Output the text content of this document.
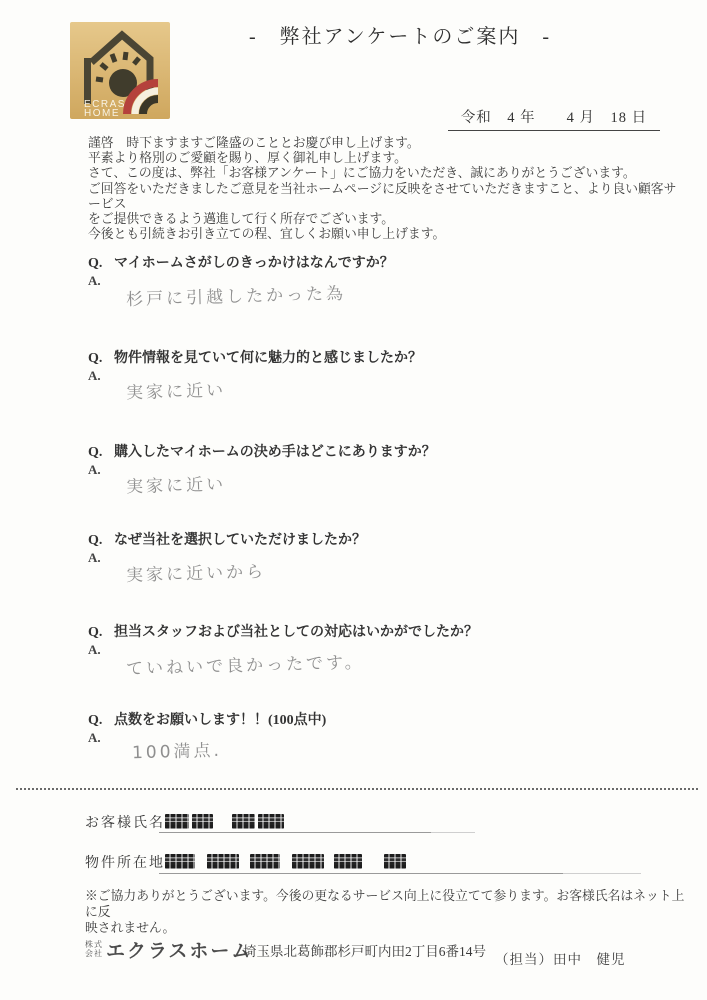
ECRAS
HOME
-　弊社アンケートのご案内　-
令和　4 年　　4 月　18 日
謹啓　時下ますますご隆盛のこととお慶び申し上げます。
平素より格別のご愛顧を賜り、厚く御礼申し上げます。
さて、この度は、弊社「お客様アンケート」にご協力をいただき、誠にありがとうございます。
ご回答をいただきましたご意見を当社ホームページに反映をさせていただきますこと、より良い顧客サービス
をご提供できるよう邁進して行く所存でございます。
今後とも引続きお引き立ての程、宜しくお願い申し上げます。
Q. マイホームさがしのきっかけはなんですか？
A.
杉戸に引越したかった為
Q. 物件情報を見ていて何に魅力的と感じましたか？
A.
実家に近い
Q. 購入したマイホームの決め手はどこにありますか？
A.
実家に近い
Q. なぜ当社を選択していただけましたか？
A.
実家に近いから
Q. 担当スタッフおよび当社としての対応はいかがでしたか？
A.
ていねいで良かったです。
Q. 点数をお願いします！！(100点中)
A.
100満点.
お客様氏名
物件所在地
※ご協力ありがとうございます。今後の更なるサービス向上に役立てて参ります。お客様氏名はネット上に反
映されません。
株式
会社 エクラスホーム
埼玉県北葛飾郡杉戸町内田2丁目6番14号
（担当）田中　健児
